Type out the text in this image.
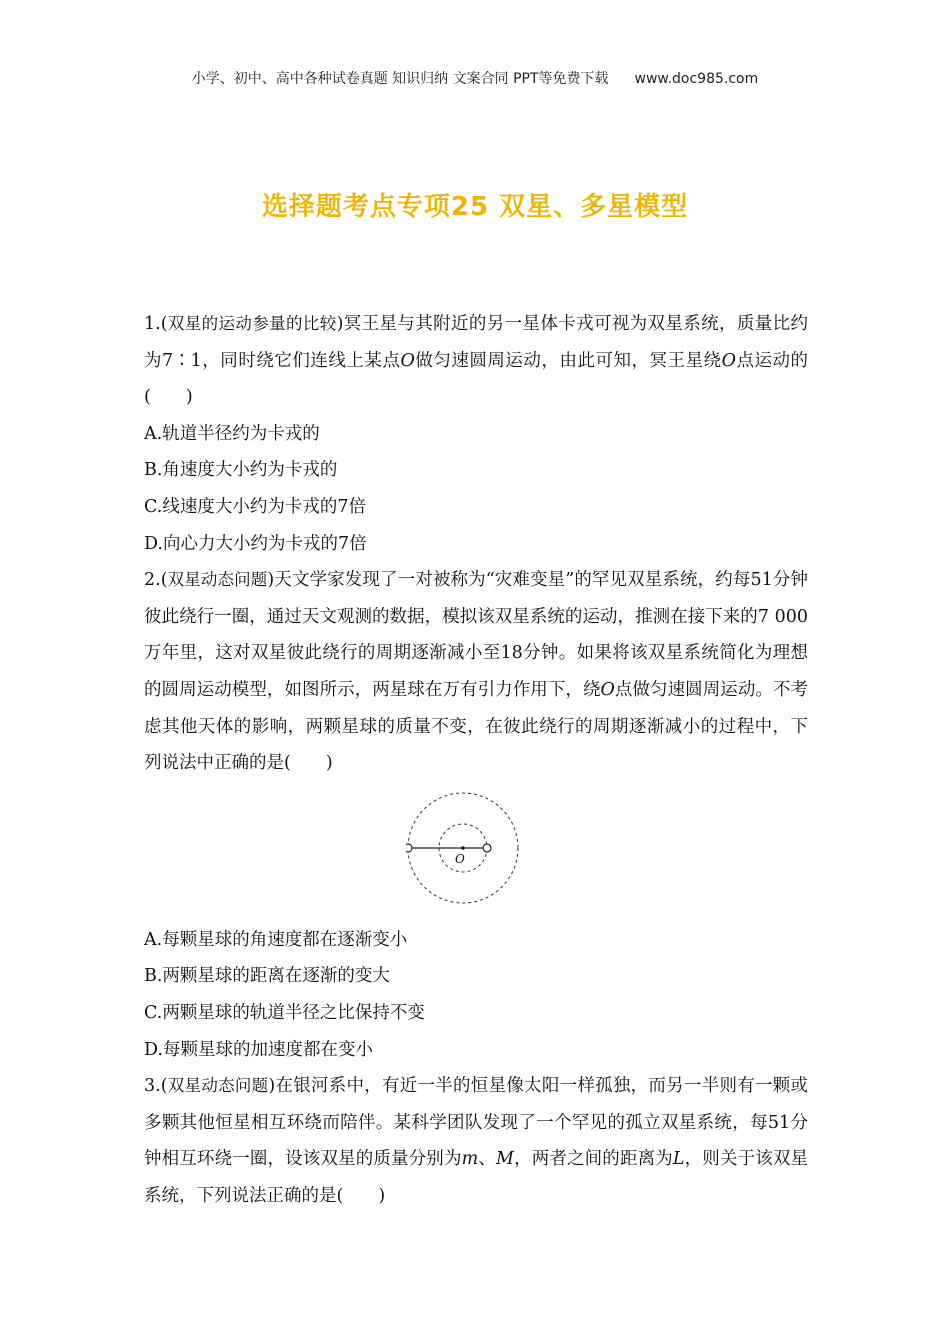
小学、初中、高中各种试卷真题 知识归纳 文案合同 PPT等免费下载 www.doc985.com
选择题考点专项25 双星、多星模型

1.(双星的运动参量的比较)冥王星与其附近的另一星体卡戎可视为双星系统，质量比约为7∶1，同时绕它们连线上某点O做匀速圆周运动，由此可知，冥王星绕O点运动的(　　)

A.轨道半径约为卡戎的

B.角速度大小约为卡戎的

C.线速度大小约为卡戎的7倍

D.向心力大小约为卡戎的7倍

2.(双星动态问题)天文学家发现了一对被称为“灾难变星”的罕见双星系统，约每51分钟彼此绕行一圈，通过天文观测的数据，模拟该双星系统的运动，推测在接下来的7 000万年里，这对双星彼此绕行的周期逐渐减小至18分钟。如果将该双星系统简化为理想的圆周运动模型，如图所示，两星球在万有引力作用下，绕O点做匀速圆周运动。不考虑其他天体的影响，两颗星球的质量不变，在彼此绕行的周期逐渐减小的过程中，下列说法中正确的是(　　)

O

A.每颗星球的角速度都在逐渐变小

B.两颗星球的距离在逐渐的变大

C.两颗星球的轨道半径之比保持不变

D.每颗星球的加速度都在变小

3.(双星动态问题)在银河系中，有近一半的恒星像太阳一样孤独，而另一半则有一颗或多颗其他恒星相互环绕而陪伴。某科学团队发现了一个罕见的孤立双星系统，每51分钟相互环绕一圈，设该双星的质量分别为m、M，两者之间的距离为L，则关于该双星系统，下列说法正确的是(　　)
